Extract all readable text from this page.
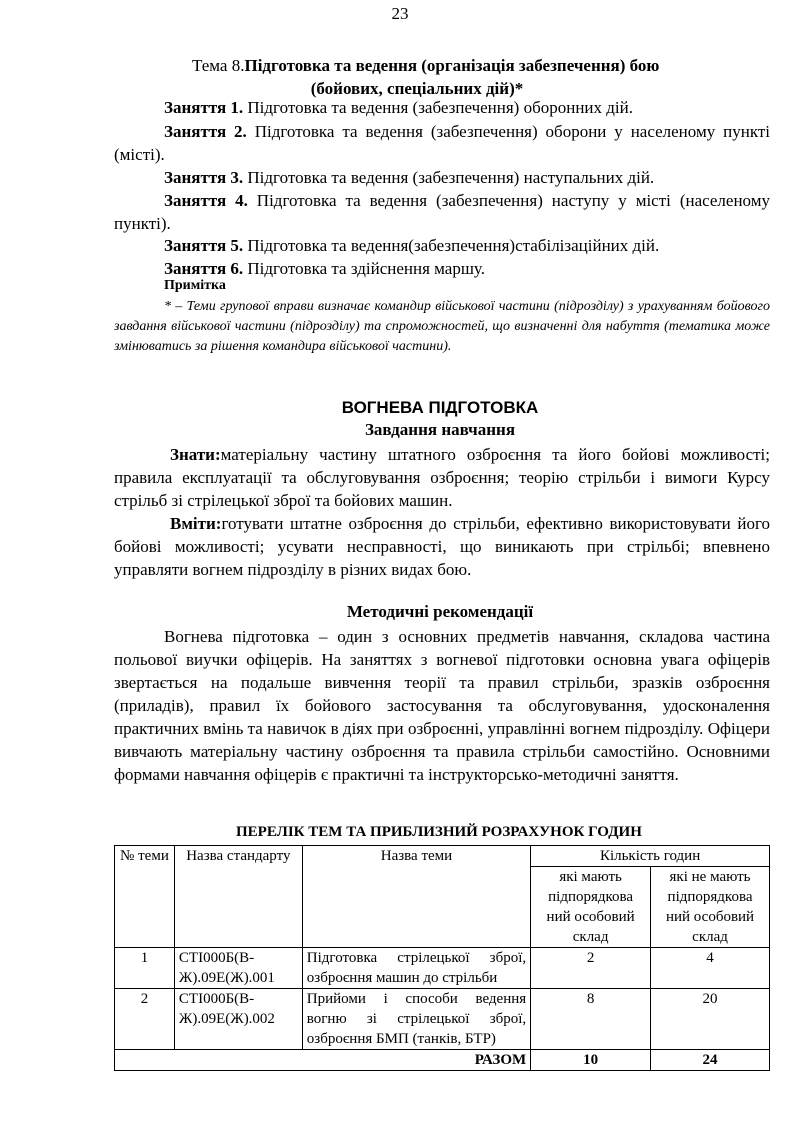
23
Тема 8.Підготовка та ведення (організація забезпечення) бою
(бойових, спеціальних дій)*
Заняття 1. Підготовка та ведення (забезпечення) оборонних дій.
Заняття 2. Підготовка та ведення (забезпечення) оборони у населеному пункті (місті).
Заняття 3. Підготовка та ведення (забезпечення) наступальних дій.
Заняття 4. Підготовка та ведення (забезпечення) наступу у місті (населеному пункті).
Заняття 5. Підготовка та ведення(забезпечення)стабілізаційних дій.
Заняття 6. Підготовка та здійснення маршу.
Примітка
* – Теми групової вправи визначає командир військової частини (підрозділу) з урахуванням бойового завдання військової частини (підрозділу) та спроможностей, що визначенні для набуття (тематика може змінюватись за рішення командира військової частини).
ВОГНЕВА ПІДГОТОВКА
Завдання навчання
Знати:матеріальну частину штатного озброєння та його бойові можливості; правила експлуатації та обслуговування озброєння; теорію стрільби і вимоги Курсу стрільб зі стрілецької зброї та бойових машин.
Вміти:готувати штатне озброєння до стрільби, ефективно використовувати його бойові можливості; усувати несправності, що виникають при стрільбі; впевнено управляти вогнем підрозділу в різних видах бою.
Методичні рекомендації
Вогнева підготовка – один з основних предметів навчання, складова частина польової виучки офіцерів. На заняттях з вогневої підготовки основна увага офіцерів звертається на подальше вивчення теорії та правил стрільби, зразків озброєння (приладів), правил їх бойового застосування та обслуговування, удосконалення практичних вмінь та навичок в діях при озброєнні, управлінні вогнем підрозділу. Офіцери вивчають матеріальну частину озброєння та правила стрільби самостійно. Основними формами навчання офіцерів є практичні та інструкторсько-методичні заняття.
ПЕРЕЛІК ТЕМ ТА ПРИБЛИЗНИЙ РОЗРАХУНОК ГОДИН
№ теми	Назва стандарту	Назва теми	Кількість годин	
			які мають підпорядкова ний особовий склад	які не мають підпорядкова ний особовий склад
1	СТІ000Б(В-Ж).09Е(Ж).001	Підготовка стрілецької зброї, озброєння машин до стрільби	2	4
2	СТІ000Б(В-Ж).09Е(Ж).002	Прийоми і способи ведення вогню зі стрілецької зброї, озброєння БМП (танків, БТР)	8	20
РАЗОМ			10	24
